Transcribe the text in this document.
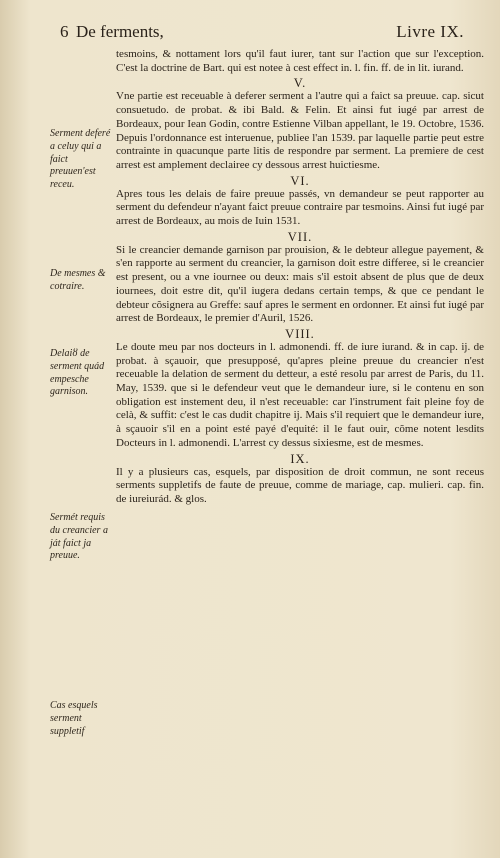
6 De ferments,	Livre IX.
Serment deferé a celuy qui a faict preuuen'est receu.
De mesmes & cotraire.
Delaiȣ de serment quád empesche garnison.
Sermét requis du creancier a ját faict ja preuue.
Cas esquels serment suppletif

tesmoins, & nottament lors qu'il faut iurer, tant sur l'action que sur l'exception. C'est la doctrine de Bart. qui est notee à cest effect in. l. fin. ff. de in lit. iurand.

V.

Vne partie est receuable à deferer serment a l'autre qui a faict sa preuue. cap. sicut consuetudo. de probat. & ibi Bald. & Felin. Et ainsi fut iugé par arrest de Bordeaux, pour Iean Godin, contre Estienne Vilban appellant, le 19. Octobre, 1536. Depuis l'ordonnance est interuenue, publiee l'an 1539. par laquelle partie peut estre contrainte in quacunque parte litis de respondre par serment. La premiere de cest arrest est amplement declairee cy dessous arrest huictiesme.

VI.

Apres tous les delais de faire preuue passés, vn demandeur se peut rapporter au serment du defendeur n'ayant faict preuue contraire par tesmoins. Ainsi fut iugé par arrest de Bordeaux, au mois de Iuin 1531.

VII.

Si le creancier demande garnison par prouision, & le debteur allegue payement, & s'en rapporte au serment du creancier, la garnison doit estre differee, si le creancier est present, ou a vne iournee ou deux: mais s'il estoit absent de plus que de deux iournees, doit estre dit, qu'il iugera dedans certain temps, & que ce pendant le debteur cõsignera au Greffe: sauf apres le serment en ordonner. Et ainsi fut iugé par arrest de Bordeaux, le premier d'Auril, 1526.

VIII.

Le doute meu par nos docteurs in l. admonendi. ff. de iure iurand. & in cap. ij. de probat. à sçauoir, que presupposé, qu'apres pleine preuue du creancier n'est receuable la delation de serment du detteur, a esté resolu par arrest de Paris, du 11. May, 1539. que si le defendeur veut que le demandeur iure, si le contenu en son obligation est instement deu, il n'est receuable: car l'instrument fait pleine foy de celà, & suffit: c'est le cas dudit chapitre ij. Mais s'il requiert que le demandeur iure, à sçauoir s'il en a point esté payé d'equité: il le faut ouir, cõme notent lesdits Docteurs in l. admonendi. L'arrest cy dessus sixiesme, est de mesmes.

IX.

Il y a plusieurs cas, esquels, par disposition de droit commun, ne sont receus serments suppletifs de faute de preuue, comme de mariage, cap. mulieri. cap. fin. de iureiurád. & glos.
